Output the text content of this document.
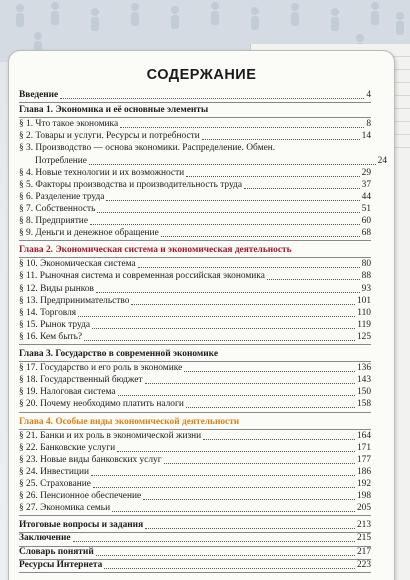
СОДЕРЖАНИЕ
Введение	4
Глава 1. Экономика и её основные элементы
§ 1. Что такое экономика	8
§ 2. Товары и услуги. Ресурсы и потребности	14
§ 3. Производство — основа экономики. Распределение. Обмен.
Потребление	24
§ 4. Новые технологии и их возможности	29
§ 5. Факторы производства и производительность труда	37
§ 6. Разделение труда	44
§ 7. Собственность	51
§ 8. Предприятие	60
§ 9. Деньги и денежное обращение	68
Глава 2. Экономическая система и экономическая деятельность
§ 10. Экономическая система	80
§ 11. Рыночная система и современная российская экономика	88
§ 12. Виды рынков	93
§ 13. Предпринимательство	101
§ 14. Торговля	110
§ 15. Рынок труда	119
§ 16. Кем быть?	125
Глава 3. Государство в современной экономике
§ 17. Государство и его роль в экономике	136
§ 18. Государственный бюджет	143
§ 19. Налоговая система	150
§ 20. Почему необходимо платить налоги	158
Глава 4. Особые виды экономической деятельности
§ 21. Банки и их роль в экономической жизни	164
§ 22. Банковские услуги	171
§ 23. Новые виды банковских услуг	177
§ 24. Инвестиции	186
§ 25. Страхование	192
§ 26. Пенсионное обеспечение	198
§ 27. Экономика семьи	205
Итоговые вопросы и задания	213
Заключение	215
Словарь понятий	217
Ресурсы Интернета	223
